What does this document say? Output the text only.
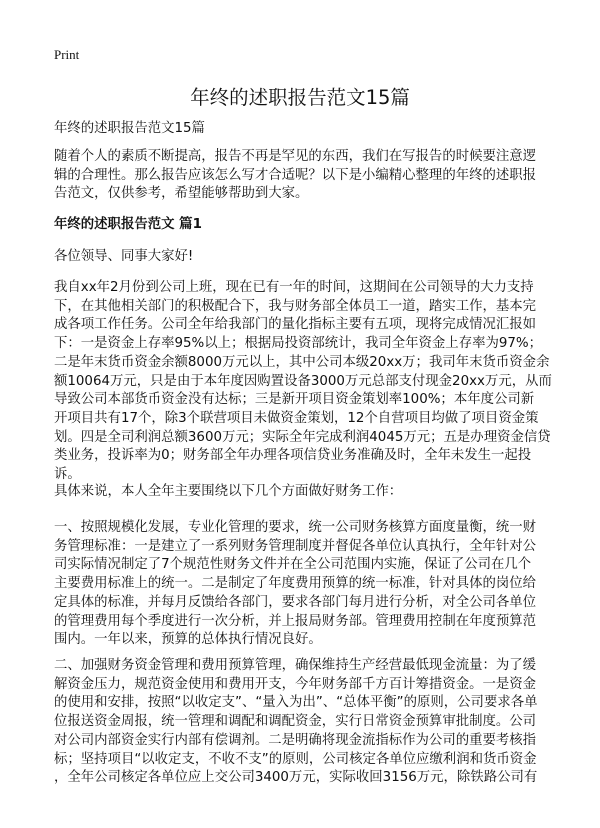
Print
年终的述职报告范文15篇
年终的述职报告范文15篇
随着个人的素质不断提高，报告不再是罕见的东西，我们在写报告的时候要注意逻
辑的合理性。那么报告应该怎么写才合适呢？以下是小编精心整理的年终的述职报
告范文，仅供参考，希望能够帮助到大家。
年终的述职报告范文 篇1
各位领导、同事大家好!
我自xx年2月份到公司上班，现在已有一年的时间，这期间在公司领导的大力支持
下，在其他相关部门的积极配合下，我与财务部全体员工一道，踏实工作，基本完
成各项工作任务。公司全年给我部门的量化指标主要有五项，现将完成情况汇报如
下：一是资金上存率95%以上；根据局投资部统计，我司全年资金上存率为97%；
二是年末货币资金余额8000万元以上，其中公司本级20xx万；我司年末货币资金余
额10064万元，只是由于本年度因购置设备3000万元总部支付现金20xx万元，从而
导致公司本部货币资金没有达标；三是新开项目资金策划率100%；本年度公司新
开项目共有17个，除3个联营项目未做资金策划，12个自营项目均做了项目资金策
划。四是全司利润总额3600万元；实际全年完成利润4045万元；五是办理资金信贷
类业务，投诉率为0；财务部全年办理各项信贷业务准确及时，全年未发生一起投
诉。
具体来说，本人全年主要围绕以下几个方面做好财务工作：
一、按照规模化发展，专业化管理的要求，统一公司财务核算方面度量衡，统一财
务管理标准：一是建立了一系列财务管理制度并督促各单位认真执行，全年针对公
司实际情况制定了7个规范性财务文件并在全公司范围内实施，保证了公司在几个
主要费用标准上的统一。二是制定了年度费用预算的统一标准，针对具体的岗位给
定具体的标准，并每月反馈给各部门，要求各部门每月进行分析，对全公司各单位
的管理费用每个季度进行一次分析，并上报局财务部。管理费用控制在年度预算范
围内。一年以来，预算的总体执行情况良好。
二、加强财务资金管理和费用预算管理，确保维持生产经营最低现金流量：为了缓
解资金压力，规范资金使用和费用开支，今年财务部千方百计筹措资金。一是资金
的使用和安排，按照“以收定支”、“量入为出”、“总体平衡”的原则，公司要求各单
位报送资金周报，统一管理和调配和调配资金，实行日常资金预算审批制度。公司
对公司内部资金实行内部有偿调剂。二是明确将现金流指标作为公司的重要考核指
标；坚持项目“以收定支，不收不支”的原则，公司核定各单位应缴利润和货币资金
，全年公司核定各单位应上交公司3400万元，实际收回3156万元，除铁路公司有
